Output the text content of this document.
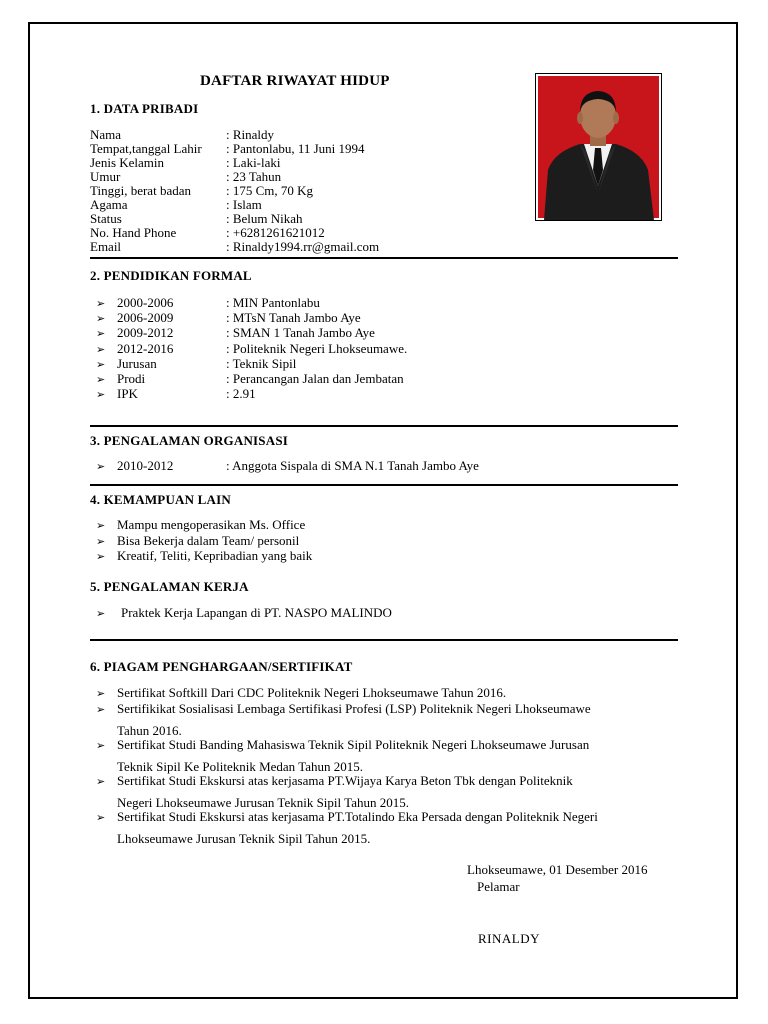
DAFTAR RIWAYAT HIDUP
1. DATA PRIBADI
2. PENDIDIKAN FORMAL
3. PENGALAMAN ORGANISASI
4. KEMAMPUAN LAIN
5. PENGALAMAN KERJA
6. PIAGAM PENGHARGAAN/SERTIFIKAT
Lhokseumawe, 01 Desember 2016
Pelamar
RINALDY
Nama	: Rinaldy
Tempat,tanggal Lahir : Pantonlabu, 11 Juni 1994
Jenis Kelamin	: Laki-laki
Umur	: 23 Tahun
Tinggi, berat badan	: 175 Cm, 70 Kg
Agama	: Islam
Status	: Belum Nikah
No. Hand Phone	: +6281261621012
Email	: Rinaldy1994.rr@gmail.com
➢ 2000-2006	: MIN Pantonlabu
➢ 2006-2009	: MTsN Tanah Jambo Aye
➢ 2009-2012	: SMAN 1 Tanah Jambo Aye
➢ 2012-2016	: Politeknik Negeri Lhokseumawe.
➢ Jurusan	: Teknik Sipil
➢ Prodi	: Perancangan Jalan dan Jembatan
➢ IPK	: 2.91
➢ 2010-2012	: Anggota Sispala di SMA N.1 Tanah Jambo Aye
➢ Mampu mengoperasikan Ms. Office
➢ Bisa Bekerja dalam Team/ personil
➢ Kreatif, Teliti, Kepribadian yang baik
➢ Praktek Kerja Lapangan di PT. NASPO MALINDO
➢ Sertifikat Softkill Dari CDC Politeknik Negeri Lhokseumawe Tahun 2016.
➢ Sertifikikat Sosialisasi Lembaga Sertifikasi Profesi (LSP) Politeknik Negeri Lhokseumawe
Tahun 2016.
➢ Sertifikat Studi Banding Mahasiswa Teknik Sipil Politeknik Negeri Lhokseumawe Jurusan
Teknik Sipil Ke Politeknik Medan Tahun 2015.
➢ Sertifikat Studi Ekskursi atas kerjasama PT.Wijaya Karya Beton Tbk dengan Politeknik
Negeri Lhokseumawe Jurusan Teknik Sipil Tahun 2015.
➢ Sertifikat Studi Ekskursi atas kerjasama PT.Totalindo Eka Persada dengan Politeknik Negeri
Lhokseumawe Jurusan Teknik Sipil Tahun 2015.
